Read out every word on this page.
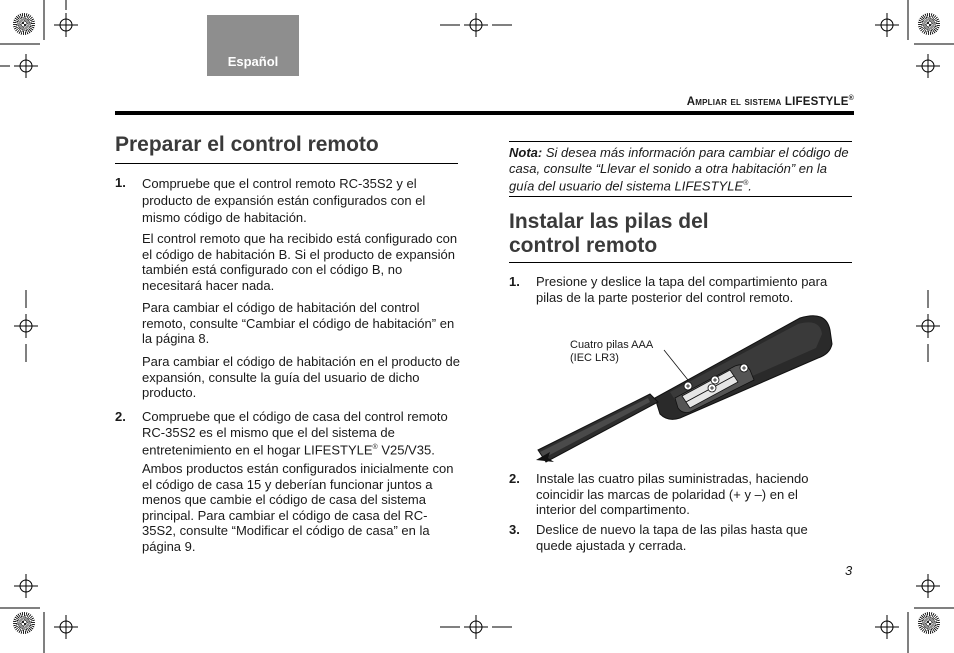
Español
Ampliar el sistema LIFESTYLE®
Preparar el control remoto
1. Compruebe que el control remoto RC-35S2 y el producto de expansión están configurados con el mismo código de habitación.
El control remoto que ha recibido está configurado con el código de habitación B. Si el producto de expansión también está configurado con el código B, no necesitará hacer nada.
Para cambiar el código de habitación del control remoto, consulte “Cambiar el código de habitación” en la página 8.
Para cambiar el código de habitación en el producto de expansión, consulte la guía del usuario de dicho producto.
2. Compruebe que el código de casa del control remoto RC-35S2 es el mismo que el del sistema de entretenimiento en el hogar LIFESTYLE® V25/V35.
Ambos productos están configurados inicialmente con el código de casa 15 y deberían funcionar juntos a menos que cambie el código de casa del sistema principal. Para cambiar el código de casa del RC-35S2, consulte “Modificar el código de casa” en la página 9.
Nota: Si desea más información para cambiar el código de casa, consulte “Llevar el sonido a otra habitación” en la guía del usuario del sistema LIFESTYLE®.
Instalar las pilas del
control remoto
1. Presione y deslice la tapa del compartimiento para pilas de la parte posterior del control remoto.
Cuatro pilas AAA
(IEC LR3)
2. Instale las cuatro pilas suministradas, haciendo coincidir las marcas de polaridad (+ y –) en el interior del compartimento.
3. Deslice de nuevo la tapa de las pilas hasta que quede ajustada y cerrada.
3
